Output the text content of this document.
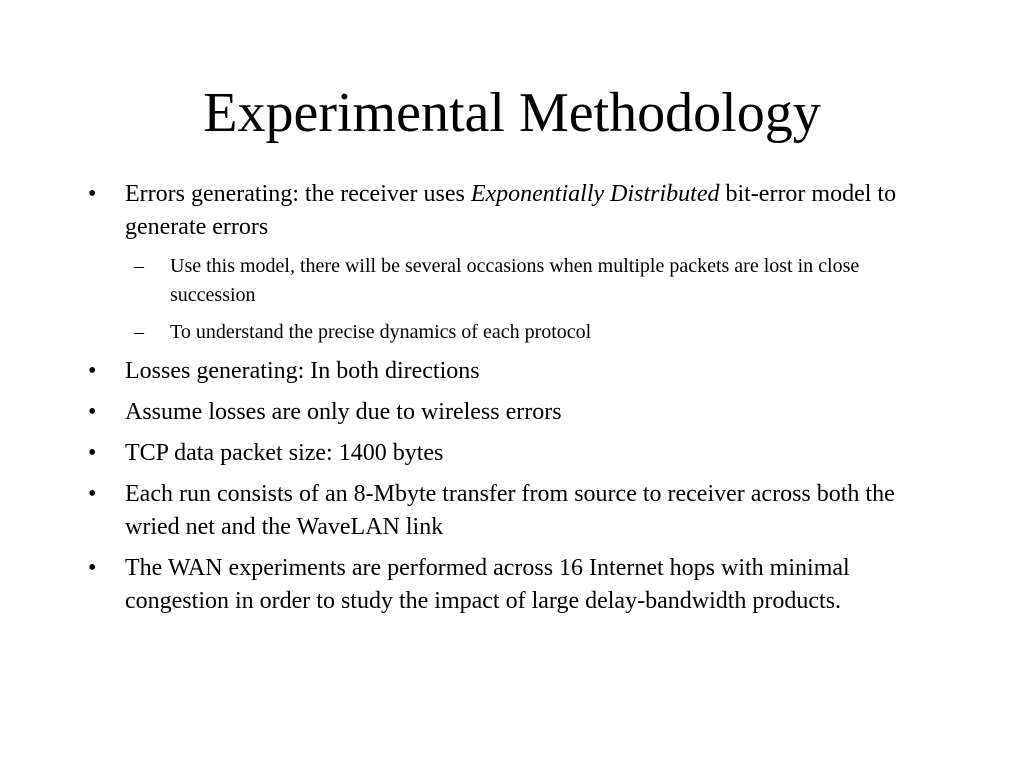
Experimental Methodology
• Errors generating: the receiver uses Exponentially Distributed bit-error model to generate errors
– Use this model, there will be several occasions when multiple packets are lost in close succession
– To understand the precise dynamics of each protocol
• Losses generating: In both directions
• Assume losses are only due to wireless errors
• TCP data packet size: 1400 bytes
• Each run consists of an 8-Mbyte transfer from source to receiver across both the wried net and the WaveLAN link
• The WAN experiments are performed across 16 Internet hops with minimal congestion in order to study the impact of large delay-bandwidth products.
